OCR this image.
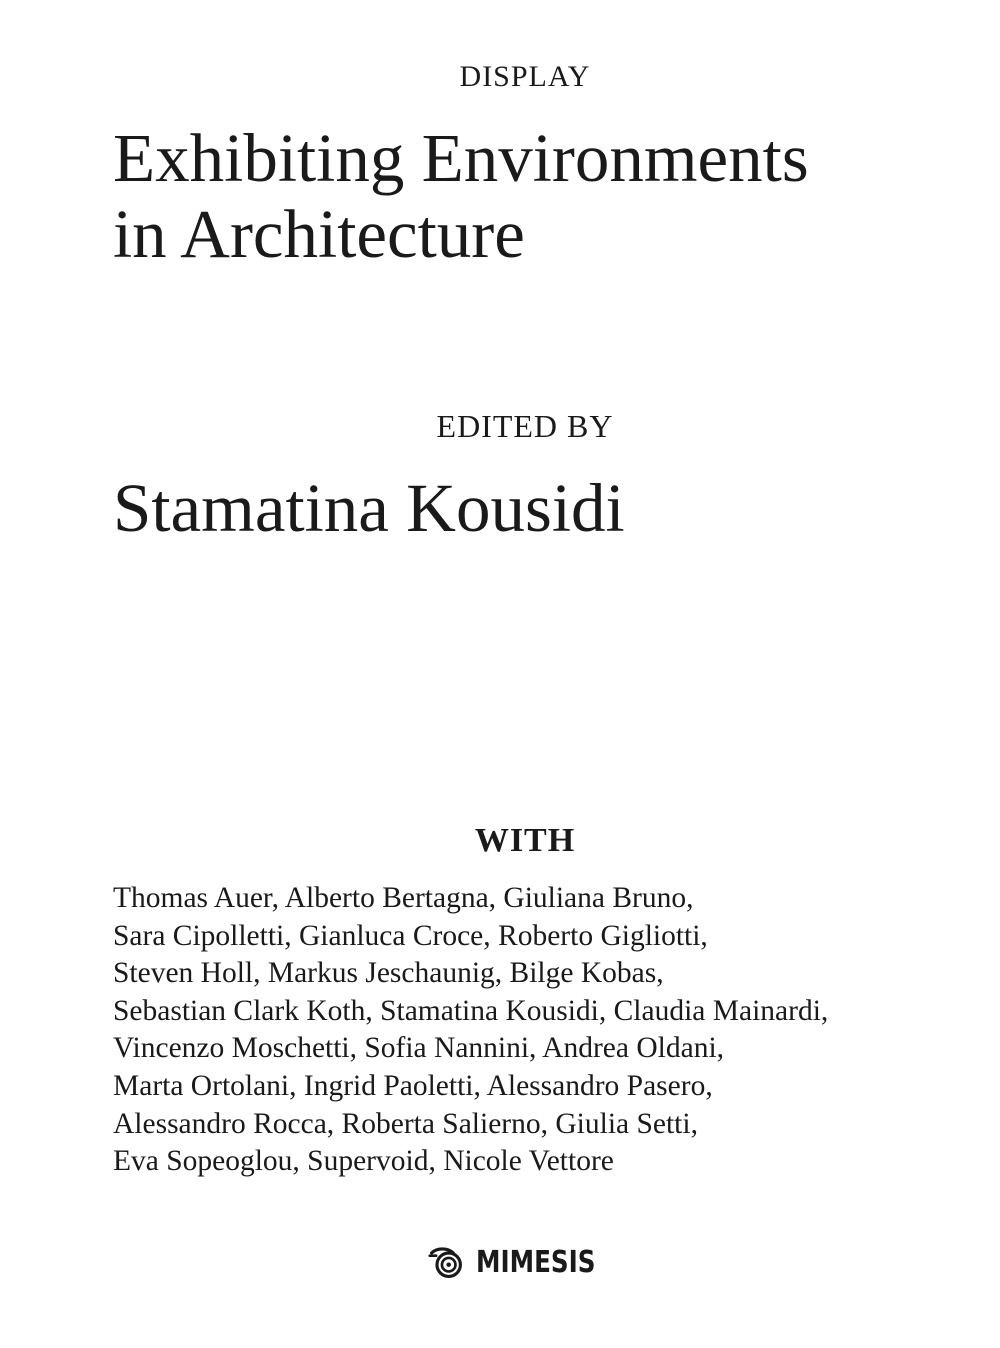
DISPLAY
Exhibiting Environments
in Architecture
EDITED BY
Stamatina Kousidi
WITH
Thomas Auer, Alberto Bertagna, Giuliana Bruno,
Sara Cipolletti, Gianluca Croce, Roberto Gigliotti,
Steven Holl, Markus Jeschaunig, Bilge Kobas,
Sebastian Clark Koth, Stamatina Kousidi, Claudia Mainardi,
Vincenzo Moschetti, Sofia Nannini, Andrea Oldani,
Marta Ortolani, Ingrid Paoletti, Alessandro Pasero,
Alessandro Rocca, Roberta Salierno, Giulia Setti,
Eva Sopeoglou, Supervoid, Nicole Vettore
MIMESIS
